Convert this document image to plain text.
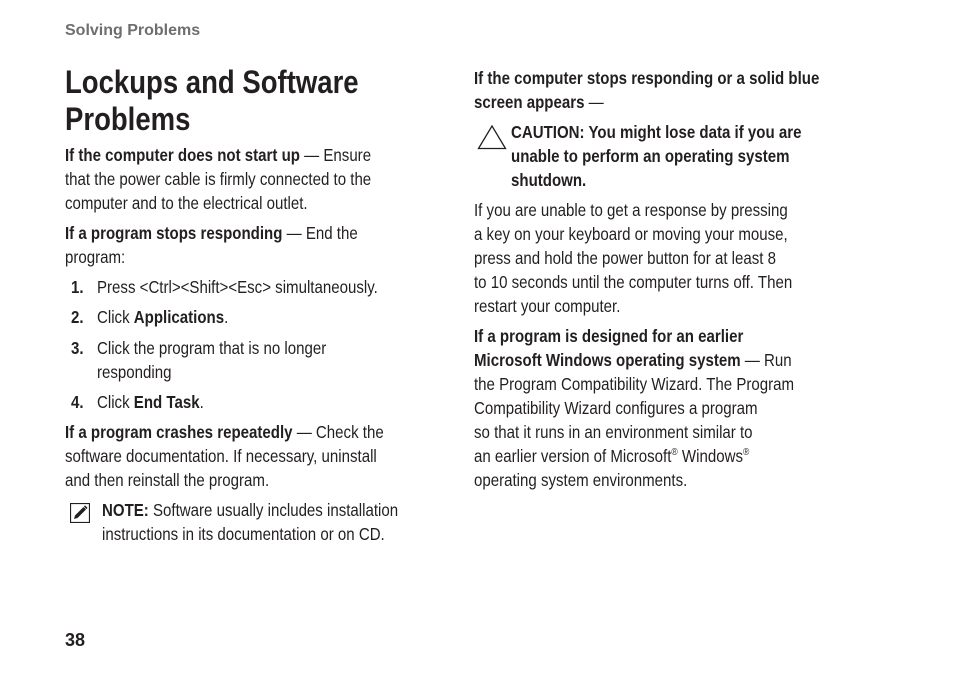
Solving Problems
Lockups and Software
Problems
If the computer does not start up — Ensure
that the power cable is firmly connected to the
computer and to the electrical outlet.
If a program stops responding — End the
program:
1. Press <Ctrl><Shift><Esc> simultaneously.
2. Click Applications.
3. Click the program that is no longer
responding
4. Click End Task.
If a program crashes repeatedly — Check the
software documentation. If necessary, uninstall
and then reinstall the program.
NOTE: Software usually includes installation
instructions in its documentation or on CD.
If the computer stops responding or a solid blue
screen appears —
CAUTION: You might lose data if you are
unable to perform an operating system
shutdown.
If you are unable to get a response by pressing
a key on your keyboard or moving your mouse,
press and hold the power button for at least 8
to 10 seconds until the computer turns off. Then
restart your computer.
If a program is designed for an earlier
Microsoft Windows operating system — Run
the Program Compatibility Wizard. The Program
Compatibility Wizard configures a program
so that it runs in an environment similar to
an earlier version of Microsoft® Windows®
operating system environments.
38
